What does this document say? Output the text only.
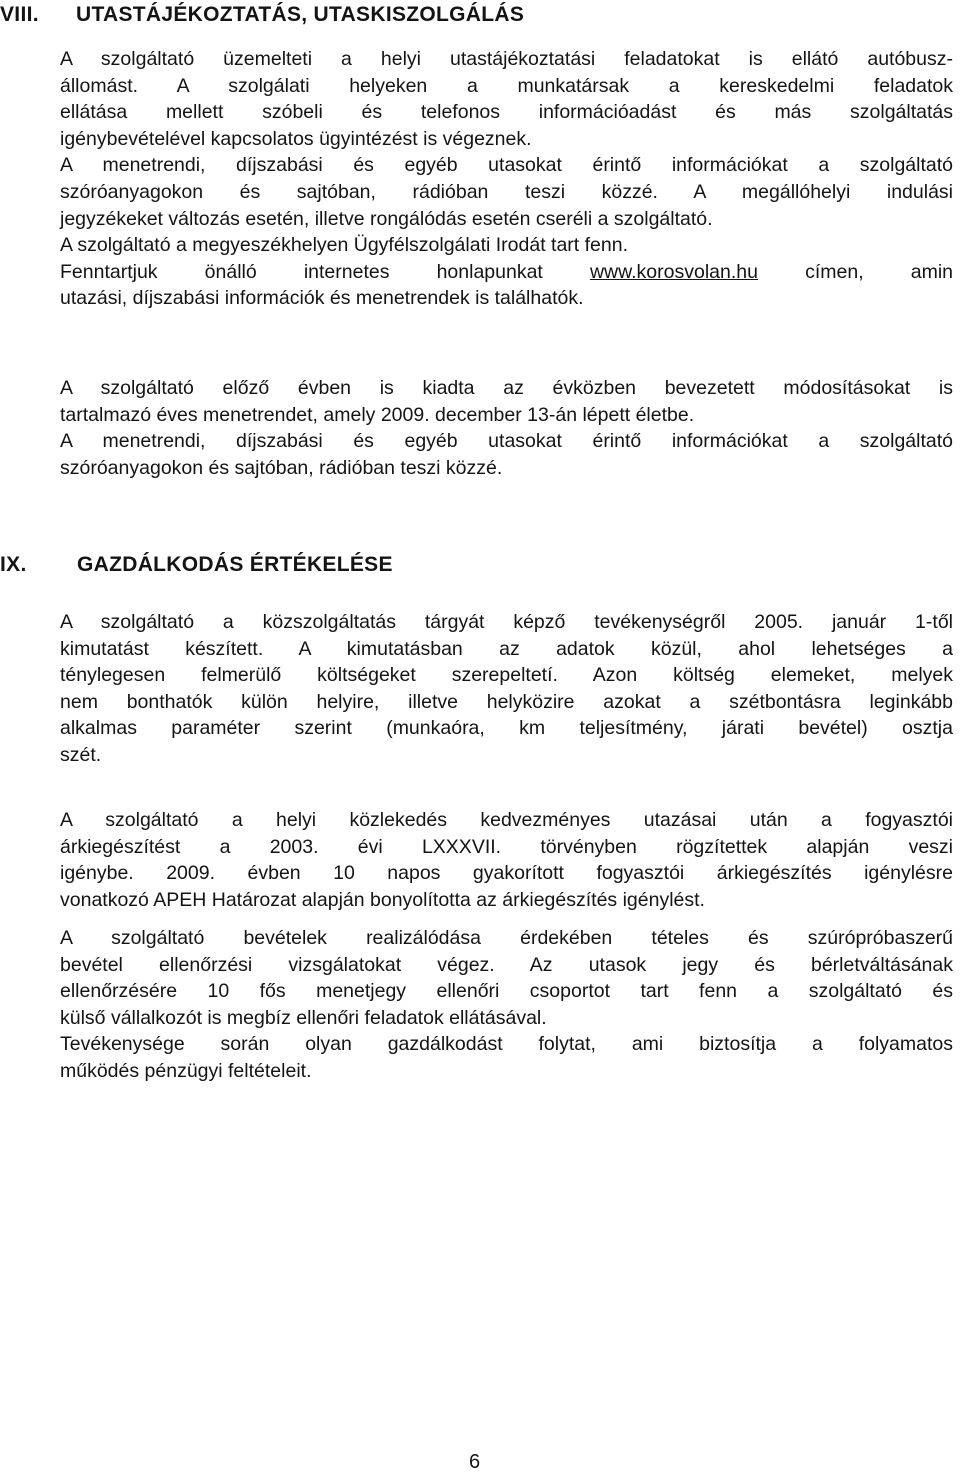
VIII. UTASTÁJÉKOZTATÁS, UTASKISZOLGÁLÁS

A szolgáltató üzemelteti a helyi utastájékoztatási feladatokat is ellátó autóbusz-
állomást. A szolgálati helyeken a munkatársak a kereskedelmi feladatok
ellátása mellett szóbeli és telefonos információadást és más szolgáltatás
igénybevételével kapcsolatos ügyintézést is végeznek.
A menetrendi, díjszabási és egyéb utasokat érintő információkat a szolgáltató
szóróanyagokon és sajtóban, rádióban teszi közzé. A megállóhelyi indulási
jegyzékeket változás esetén, illetve rongálódás esetén cseréli a szolgáltató.
A szolgáltató a megyeszékhelyen Ügyfélszolgálati Irodát tart fenn.
Fenntartjuk önálló internetes honlapunkat www.korosvolan.hu címen, amin
utazási, díjszabási információk és menetrendek is találhatók.

A szolgáltató előző évben is kiadta az évközben bevezetett módosításokat is
tartalmazó éves menetrendet, amely 2009. december 13-án lépett életbe.
A menetrendi, díjszabási és egyéb utasokat érintő információkat a szolgáltató
szóróanyagokon és sajtóban, rádióban teszi közzé.

IX. GAZDÁLKODÁS ÉRTÉKELÉSE

A szolgáltató a közszolgáltatás tárgyát képző tevékenységről 2005. január 1-től
kimutatást készített. A kimutatásban az adatok közül, ahol lehetséges a
ténylegesen felmerülő költségeket szerepeltetí. Azon költség elemeket, melyek
nem bonthatók külön helyire, illetve helyközire azokat a szétbontásra leginkább
alkalmas paraméter szerint (munkaóra, km teljesítmény, járati bevétel) osztja
szét.

A szolgáltató a helyi közlekedés kedvezményes utazásai után a fogyasztói
árkiegészítést a 2003. évi LXXXVII. törvényben rögzítettek alapján veszi
igénybe. 2009. évben 10 napos gyakorított fogyasztói árkiegészítés igénylésre
vonatkozó APEH Határozat alapján bonyolította az árkiegészítés igénylést.

A szolgáltató bevételek realizálódása érdekében tételes és szúrópróbaszerű
bevétel ellenőrzési vizsgálatokat végez. Az utasok jegy és bérletváltásának
ellenőrzésére 10 fős menetjegy ellenőri csoportot tart fenn a szolgáltató és
külső vállalkozót is megbíz ellenőri feladatok ellátásával.
Tevékenysége során olyan gazdálkodást folytat, ami biztosítja a folyamatos
működés pénzügyi feltételeit.

6
